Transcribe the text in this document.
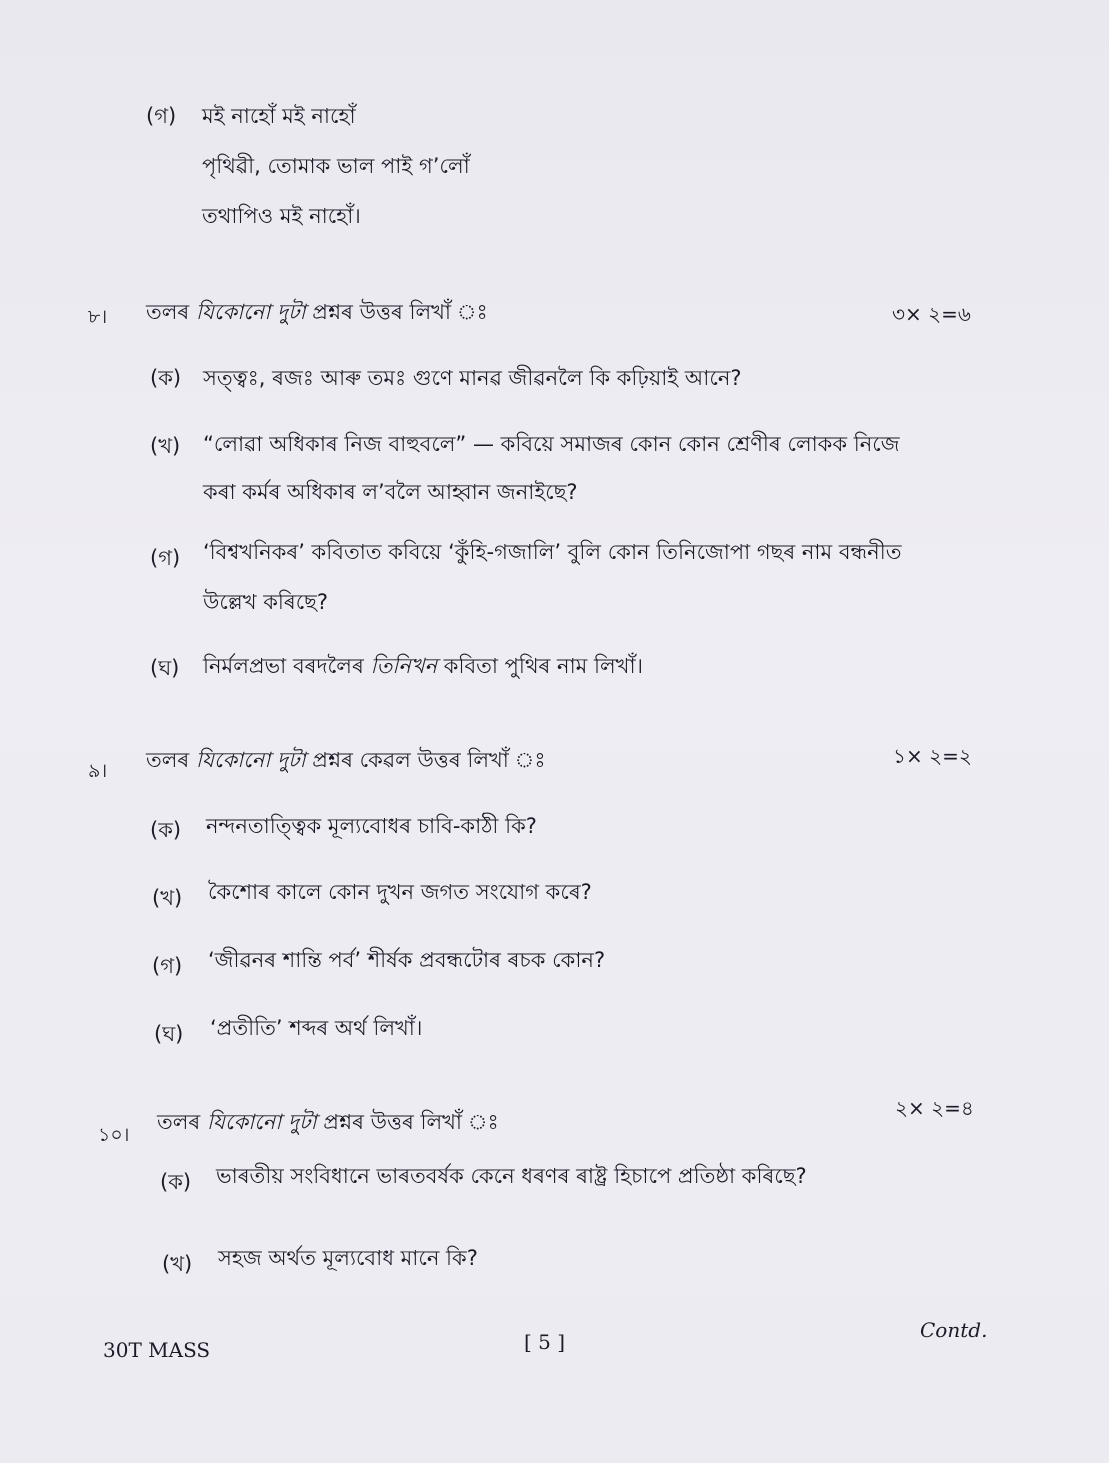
(গ) মই নাহোঁ মই নাহোঁ
পৃথিৱী, তোমাক ভাল পাই গ’লোঁ
তথাপিও মই নাহোঁ।
৮। তলৰ যিকোনো দুটা প্ৰশ্নৰ উত্তৰ লিখাঁ ঃ	৩× ২=৬
(ক) সত্ত্বঃ, ৰজঃ আৰু তমঃ গুণে মানৱ জীৱনলৈ কি কঢ়িয়াই আনে?
(খ) “লোৱা অধিকাৰ নিজ বাহুবলে” — কবিয়ে সমাজৰ কোন কোন শ্ৰেণীৰ লোকক নিজে
কৰা কৰ্মৰ অধিকাৰ ল’বলৈ আহ্বান জনাইছে?
(গ) ‘বিশ্বখনিকৰ’ কবিতাত কবিয়ে ‘কুঁহি-গজালি’ বুলি কোন তিনিজোপা গছৰ নাম বন্ধনীত
উল্লেখ কৰিছে?
(ঘ) নিৰ্মলপ্ৰভা বৰদলৈৰ তিনিখন কবিতা পুথিৰ নাম লিখাঁ।
৯। তলৰ যিকোনো দুটা প্ৰশ্নৰ কেৱল উত্তৰ লিখাঁ ঃ	১× ২=২
(ক) নন্দনতাত্ত্বিক মূল্যবোধৰ চাবি-কাঠী কি?
(খ) কৈশোৰ কালে কোন দুখন জগত সংযোগ কৰে?
(গ) ‘জীৱনৰ শান্তি পৰ্ব’ শীৰ্ষক প্ৰবন্ধটোৰ ৰচক কোন?
(ঘ) ‘প্ৰতীতি’ শব্দৰ অৰ্থ লিখাঁ।
১০।
তলৰ যিকোনো দুটা প্ৰশ্নৰ উত্তৰ লিখাঁ ঃ
২× ২=৪
(ক) ভাৰতীয় সংবিধানে ভাৰতবৰ্ষক কেনে ধৰণৰ ৰাষ্ট্ৰ হিচাপে প্ৰতিষ্ঠা কৰিছে?
(খ) সহজ অৰ্থত মূল্যবোধ মানে কি?
30T MASS	[ 5 ]	Contd.
